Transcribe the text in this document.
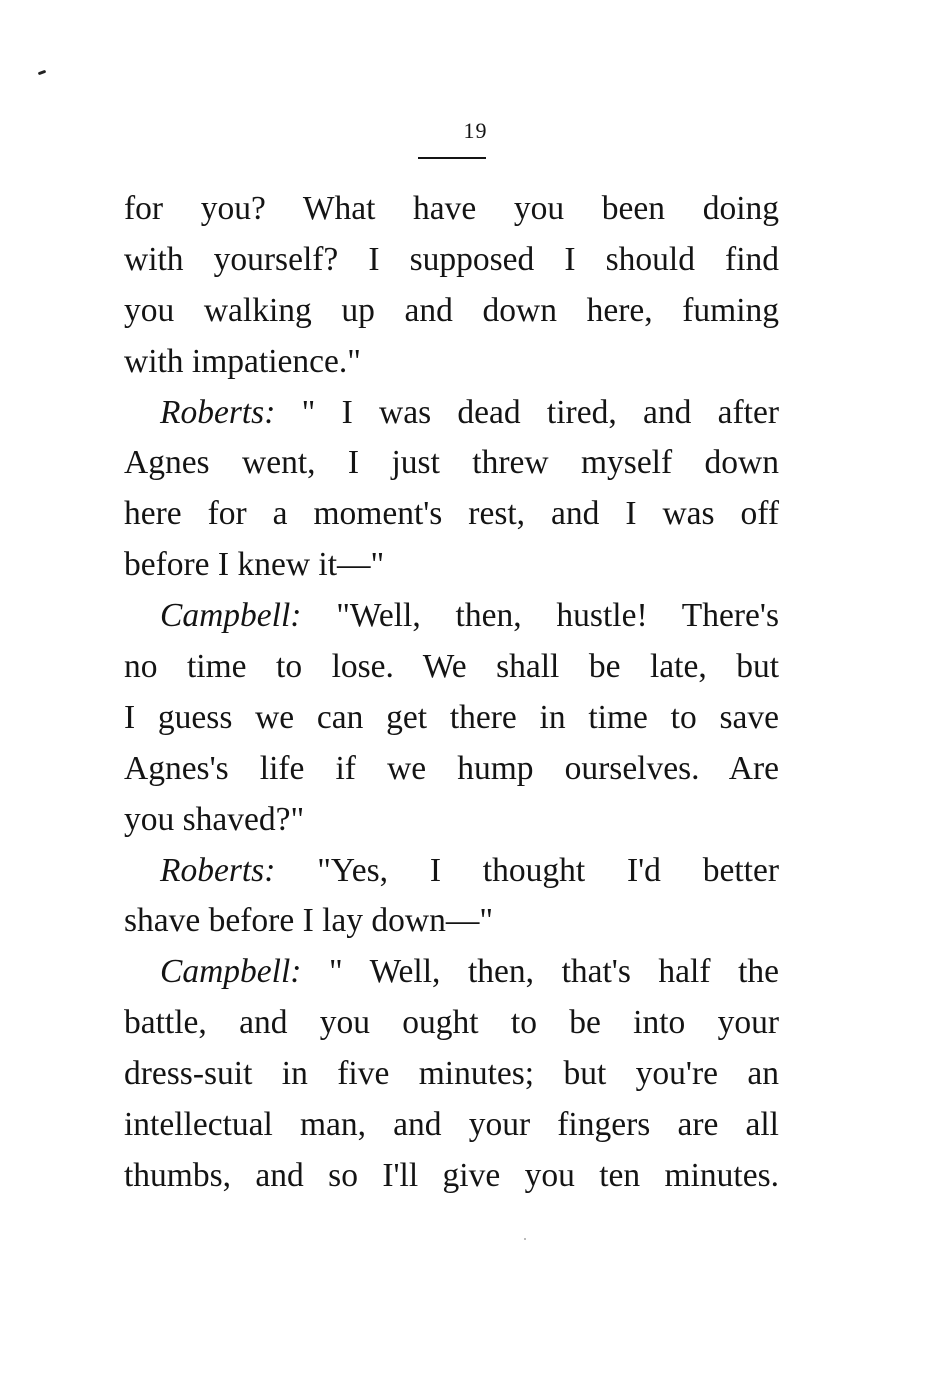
19
for you? What have you been doing
with yourself? I supposed I should find
you walking up and down here, fuming
with impatience."
Roberts: " I was dead tired, and after
Agnes went, I just threw myself down
here for a moment's rest, and I was off
before I knew it—"
Campbell: "Well, then, hustle! There's
no time to lose. We shall be late, but
I guess we can get there in time to save
Agnes's life if we hump ourselves. Are
you shaved?"
Roberts: "Yes, I thought I'd better
shave before I lay down—"
Campbell: " Well, then, that's half the
battle, and you ought to be into your
dress-suit in five minutes; but you're an
intellectual man, and your fingers are all
thumbs, and so I'll give you ten minutes.
